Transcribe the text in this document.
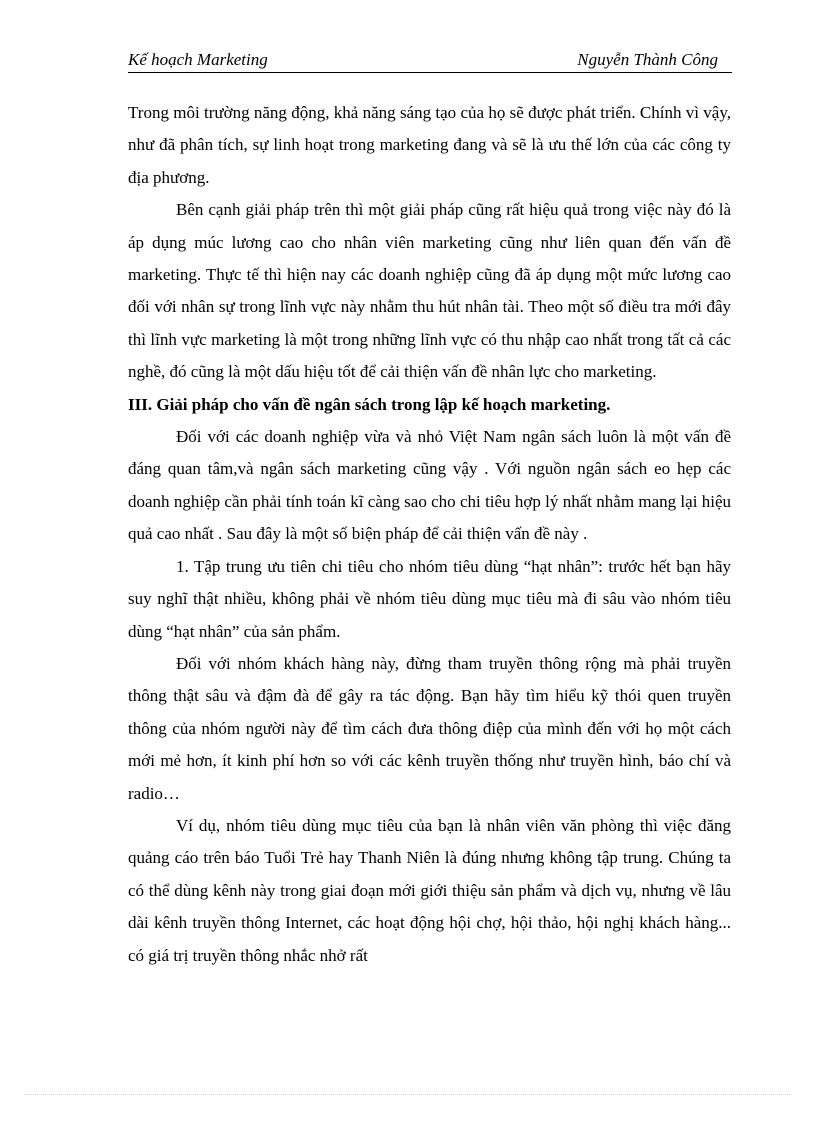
Kế hoạch Marketing	Nguyễn Thành Công

Trong môi trường năng động, khả năng sáng tạo của họ sẽ được phát triển. Chính vì vậy, như đã phân tích, sự linh hoạt trong marketing đang và sẽ là ưu thế lớn của các công ty địa phương.

Bên cạnh giải pháp trên thì một giải pháp cũng rất hiệu quả trong việc này đó là áp dụng múc lương cao cho nhân viên marketing cũng như liên quan đến vấn đề marketing. Thực tế thì hiện nay các doanh nghiệp cũng đã áp dụng một mức lương cao đối với nhân sự trong lĩnh vực này nhằm thu hút nhân tài. Theo một số điều tra mới đây thì lĩnh vực marketing là một trong những lĩnh vực có thu nhập cao nhất trong tất cả các nghề, đó cũng là một dấu hiệu tốt để cải thiện vấn đề nhân lực cho marketing.

III. Giải pháp cho vấn đề ngân sách trong lập kế hoạch marketing.

Đối với các doanh nghiệp vừa và nhỏ Việt Nam ngân sách luôn là một vấn đề đáng quan tâm,và ngân sách marketing cũng vậy . Với nguồn ngân sách eo hẹp các doanh nghiệp cần phải tính toán kĩ càng sao cho chi tiêu hợp lý nhất nhằm mang lại hiệu quả cao nhất . Sau đây là một số biện pháp để cải thiện vấn đề này .

1. Tập trung ưu tiên chi tiêu cho nhóm tiêu dùng “hạt nhân”: trước hết bạn hãy suy nghĩ thật nhiều, không phải về nhóm tiêu dùng mục tiêu mà đi sâu vào nhóm tiêu dùng “hạt nhân” của sản phẩm.

Đối với nhóm khách hàng này, đừng tham truyền thông rộng mà phải truyền thông thật sâu và đậm đà để gây ra tác động. Bạn hãy tìm hiểu kỹ thói quen truyền thông của nhóm người này để tìm cách đưa thông điệp của mình đến với họ một cách mới mẻ hơn, ít kinh phí hơn so với các kênh truyền thống như truyền hình, báo chí và radio…

Ví dụ, nhóm tiêu dùng mục tiêu của bạn là nhân viên văn phòng thì việc đăng quảng cáo trên báo Tuổi Trẻ hay Thanh Niên là đúng nhưng không tập trung. Chúng ta có thể dùng kênh này trong giai đoạn mới giới thiệu sản phẩm và dịch vụ, nhưng về lâu dài kênh truyền thông Internet, các hoạt động hội chợ, hội thảo, hội nghị khách hàng... có giá trị truyền thông nhắc nhở rất
